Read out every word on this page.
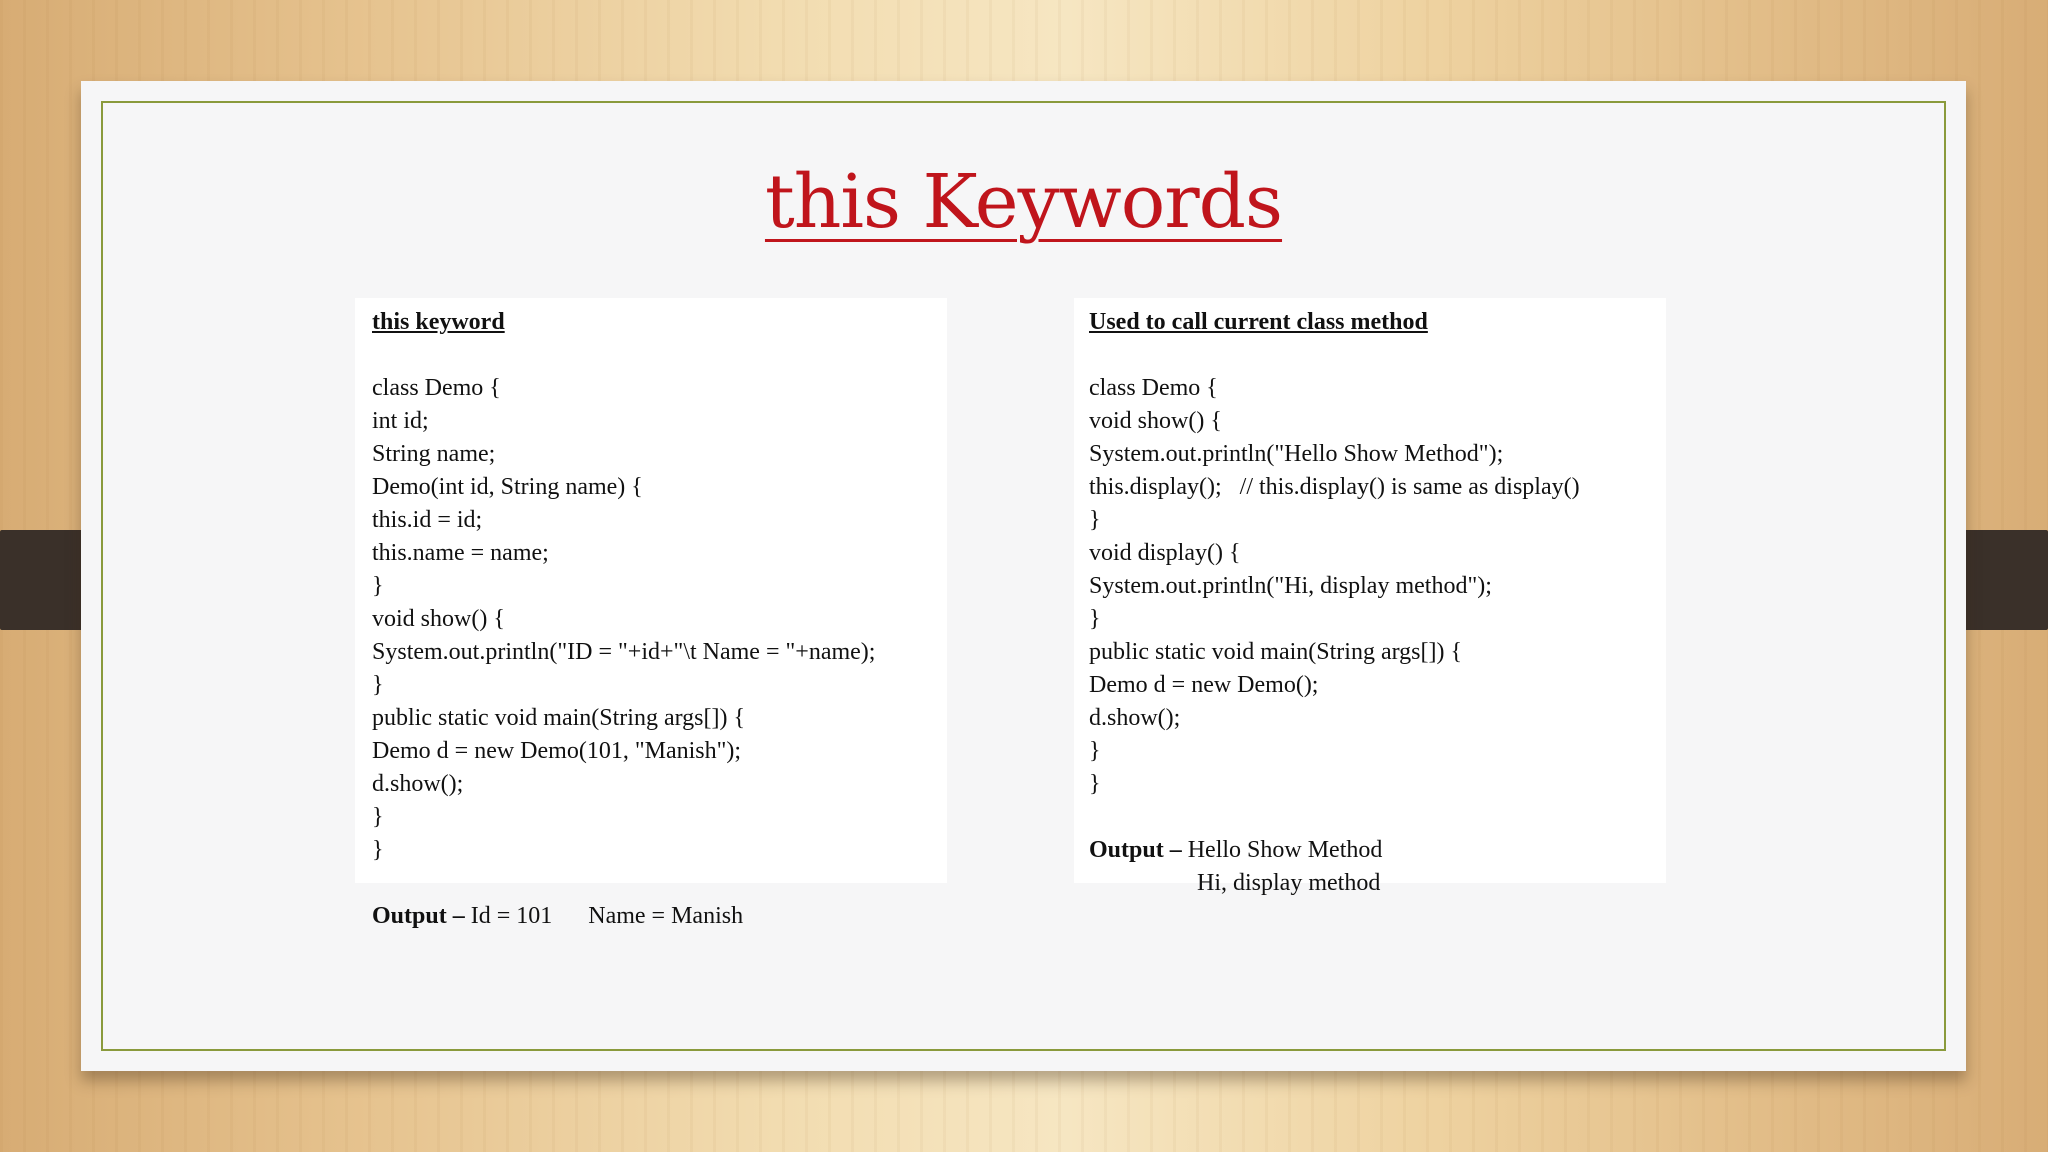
this Keywords
this keyword
class Demo {
int id;
String name;
Demo(int id, String name) {
this.id = id;
this.name = name;
}
void show() {
System.out.println("ID = "+id+"\t Name = "+name);
}
public static void main(String args[]) {
Demo d = new Demo(101, "Manish");
d.show();
}
}
Output – Id = 101      Name = Manish
Used to call current class method
class Demo {
void show() {
System.out.println("Hello Show Method");
this.display();   // this.display() is same as display()
}
void display() {
System.out.println("Hi, display method");
}
public static void main(String args[]) {
Demo d = new Demo();
d.show();
}
}
Output – Hello Show Method
Hi, display method
